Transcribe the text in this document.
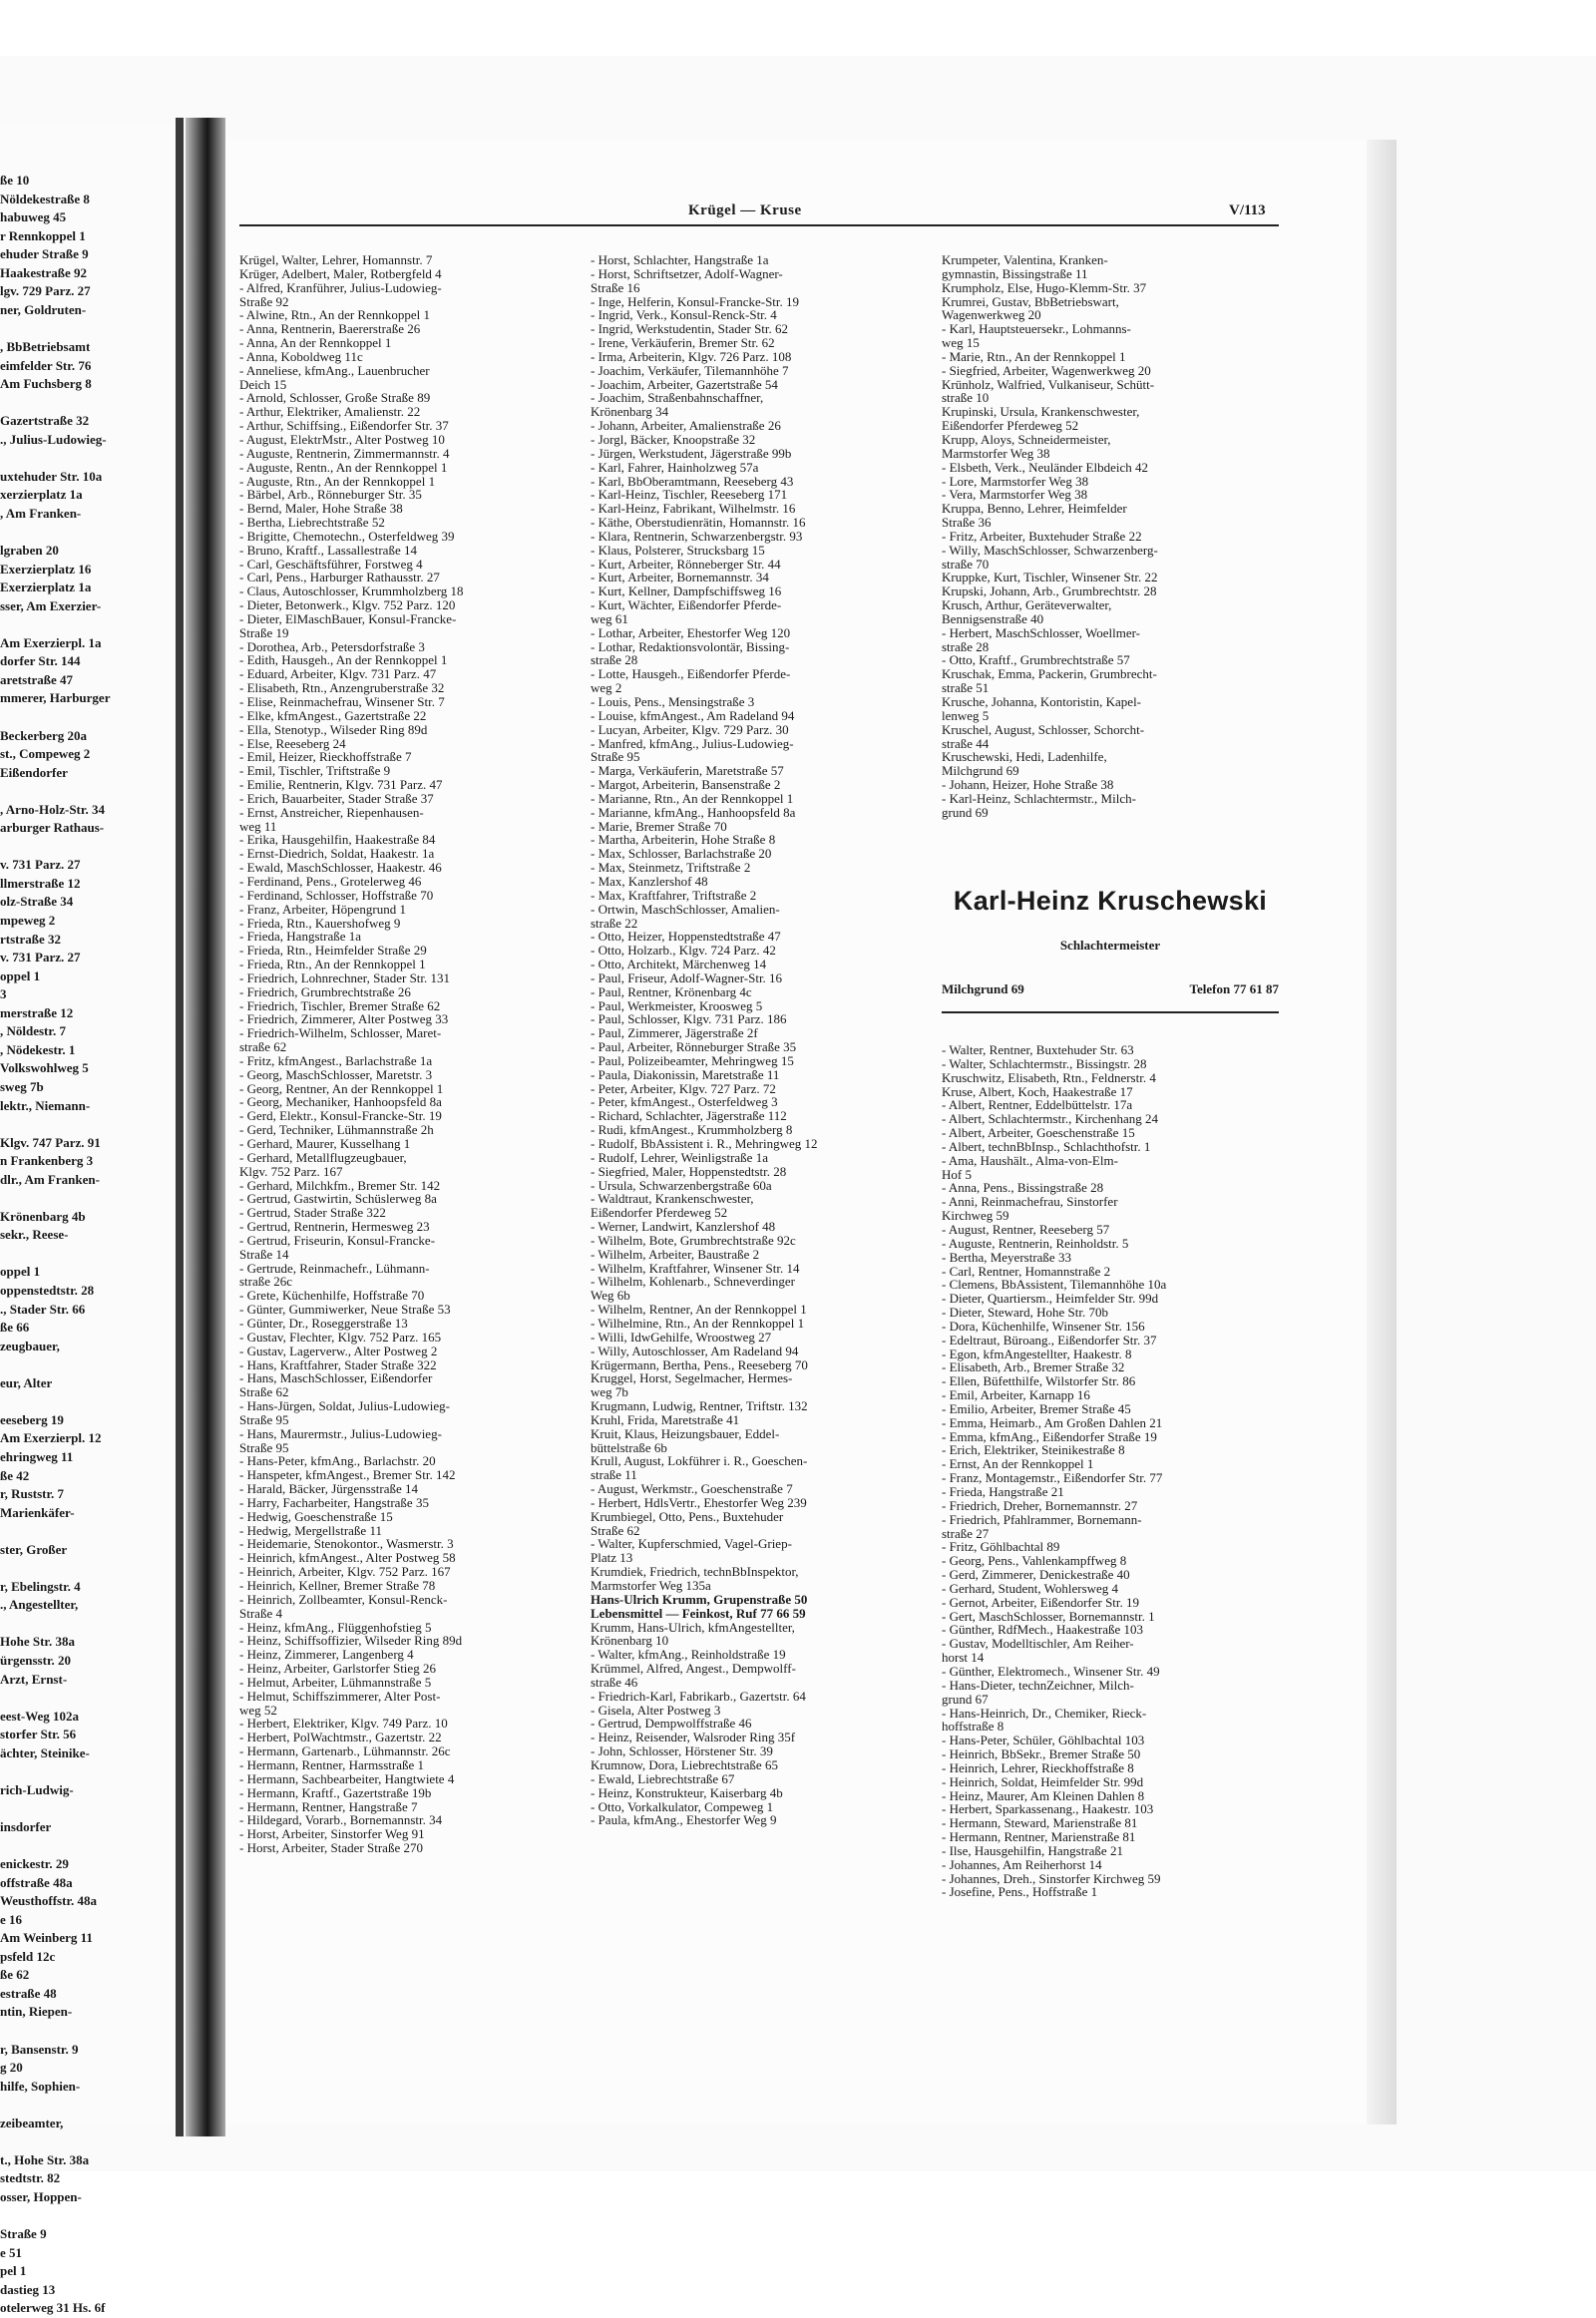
ße 10
Nöldekestraße 8
habuweg 45
r Rennkoppel 1
ehuder Straße 9
Haakestraße 92
lgv. 729 Parz. 27
ner, Goldruten-
, BbBetriebsamt
eimfelder Str. 76
Am Fuchsberg 8
Gazertstraße 32
., Julius-Ludowieg-
uxtehuder Str. 10a
xerzierplatz 1a
, Am Franken-
lgraben 20
Exerzierplatz 16
Exerzierplatz 1a
sser, Am Exerzier-
Am Exerzierpl. 1a
dorfer Str. 144
aretstraße 47
mmerer, Harburger
Beckerberg 20a
st., Compeweg 2
Eißendorfer
, Arno-Holz-Str. 34
arburger Rathaus-
v. 731 Parz. 27
llmerstraße 12
olz-Straße 34
mpeweg 2
rtstraße 32
v. 731 Parz. 27
oppel 1
3
merstraße 12
, Nöldestr. 7
, Nödekestr. 1
Volkswohlweg 5
sweg 7b
lektr., Niemann-
Klgv. 747 Parz. 91
n Frankenberg 3
dlr., Am Franken-
Krönenbarg 4b
sekr., Reese-
oppel 1
oppenstedtstr. 28
., Stader Str. 66
ße 66
zeugbauer,
eur, Alter
eeseberg 19
Am Exerzierpl. 12
ehringweg 11
ße 42
r, Ruststr. 7
Marienkäfer-
ster, Großer
r, Ebelingstr. 4
., Angestellter,
Hohe Str. 38a
ürgensstr. 20
Arzt, Ernst-
eest-Weg 102a
storfer Str. 56
ächter, Steinike-
rich-Ludwig-
insdorfer
enickestr. 29
offstraße 48a
Weusthoffstr. 48a
e 16
Am Weinberg 11
psfeld 12c
ße 62
estraße 48
ntin, Riepen-
r, Bansenstr. 9
g 20
hilfe, Sophien-
zeibeamter,
t., Hohe Str. 38a
stedtstr. 82
osser, Hoppen-
Straße 9
e 51
pel 1
dastieg 13
otelerweg 31 Hs. 6f
Krügel — Kruse	V/113
Krügel, Walter, Lehrer, Homannstr. 7
Krüger, Adelbert, Maler, Rotbergfeld 4
- Alfred, Kranführer, Julius-Ludowieg-
Straße 92
- Alwine, Rtn., An der Rennkoppel 1
- Anna, Rentnerin, Baererstraße 26
- Anna, An der Rennkoppel 1
- Anna, Koboldweg 11c
- Anneliese, kfmAng., Lauenbrucher
Deich 15
- Arnold, Schlosser, Große Straße 89
- Arthur, Elektriker, Amalienstr. 22
- Arthur, Schiffsing., Eißendorfer Str. 37
- August, ElektrMstr., Alter Postweg 10
- Auguste, Rentnerin, Zimmermannstr. 4
- Auguste, Rentn., An der Rennkoppel 1
- Auguste, Rtn., An der Rennkoppel 1
- Bärbel, Arb., Rönneburger Str. 35
- Bernd, Maler, Hohe Straße 38
- Bertha, Liebrechtstraße 52
- Brigitte, Chemotechn., Osterfeldweg 39
- Bruno, Kraftf., Lassallestraße 14
- Carl, Geschäftsführer, Forstweg 4
- Carl, Pens., Harburger Rathausstr. 27
- Claus, Autoschlosser, Krummholzberg 18
- Dieter, Betonwerk., Klgv. 752 Parz. 120
- Dieter, ElMaschBauer, Konsul-Francke-
Straße 19
- Dorothea, Arb., Petersdorfstraße 3
- Edith, Hausgeh., An der Rennkoppel 1
- Eduard, Arbeiter, Klgv. 731 Parz. 47
- Elisabeth, Rtn., Anzengruberstraße 32
- Elise, Reinmachefrau, Winsener Str. 7
- Elke, kfmAngest., Gazertstraße 22
- Ella, Stenotyp., Wilseder Ring 89d
- Else, Reeseberg 24
- Emil, Heizer, Rieckhoffstraße 7
- Emil, Tischler, Triftstraße 9
- Emilie, Rentnerin, Klgv. 731 Parz. 47
- Erich, Bauarbeiter, Stader Straße 37
- Ernst, Anstreicher, Riepenhausen-
weg 11
- Erika, Hausgehilfin, Haakestraße 84
- Ernst-Diedrich, Soldat, Haakestr. 1a
- Ewald, MaschSchlosser, Haakestr. 46
- Ferdinand, Pens., Grotelerweg 46
- Ferdinand, Schlosser, Hoffstraße 70
- Franz, Arbeiter, Höpengrund 1
- Frieda, Rtn., Kauershofweg 9
- Frieda, Hangstraße 1a
- Frieda, Rtn., Heimfelder Straße 29
- Frieda, Rtn., An der Rennkoppel 1
- Friedrich, Lohnrechner, Stader Str. 131
- Friedrich, Grumbrechtstraße 26
- Friedrich, Tischler, Bremer Straße 62
- Friedrich, Zimmerer, Alter Postweg 33
- Friedrich-Wilhelm, Schlosser, Maret-
straße 62
- Fritz, kfmAngest., Barlachstraße 1a
- Georg, MaschSchlosser, Maretstr. 3
- Georg, Rentner, An der Rennkoppel 1
- Georg, Mechaniker, Hanhoopsfeld 8a
- Gerd, Elektr., Konsul-Francke-Str. 19
- Gerd, Techniker, Lühmannstraße 2h
- Gerhard, Maurer, Kusselhang 1
- Gerhard, Metallflugzeugbauer,
Klgv. 752 Parz. 167
- Gerhard, Milchkfm., Bremer Str. 142
- Gertrud, Gastwirtin, Schüslerweg 8a
- Gertrud, Stader Straße 322
- Gertrud, Rentnerin, Hermesweg 23
- Gertrud, Friseurin, Konsul-Francke-
Straße 14
- Gertrude, Reinmachefr., Lühmann-
straße 26c
- Grete, Küchenhilfe, Hoffstraße 70
- Günter, Gummiwerker, Neue Straße 53
- Günter, Dr., Roseggerstraße 13
- Gustav, Flechter, Klgv. 752 Parz. 165
- Gustav, Lagerverw., Alter Postweg 2
- Hans, Kraftfahrer, Stader Straße 322
- Hans, MaschSchlosser, Eißendorfer
Straße 62
- Hans-Jürgen, Soldat, Julius-Ludowieg-
Straße 95
- Hans, Maurermstr., Julius-Ludowieg-
Straße 95
- Hans-Peter, kfmAng., Barlachstr. 20
- Hanspeter, kfmAngest., Bremer Str. 142
- Harald, Bäcker, Jürgensstraße 14
- Harry, Facharbeiter, Hangstraße 35
- Hedwig, Goeschenstraße 15
- Hedwig, Mergellstraße 11
- Heidemarie, Stenokontor., Wasmerstr. 3
- Heinrich, kfmAngest., Alter Postweg 58
- Heinrich, Arbeiter, Klgv. 752 Parz. 167
- Heinrich, Kellner, Bremer Straße 78
- Heinrich, Zollbeamter, Konsul-Renck-
Straße 4
- Heinz, kfmAng., Flüggenhofstieg 5
- Heinz, Schiffsoffizier, Wilseder Ring 89d
- Heinz, Zimmerer, Langenberg 4
- Heinz, Arbeiter, Garlstorfer Stieg 26
- Helmut, Arbeiter, Lühmannstraße 5
- Helmut, Schiffszimmerer, Alter Post-
weg 52
- Herbert, Elektriker, Klgv. 749 Parz. 10
- Herbert, PolWachtmstr., Gazertstr. 22
- Hermann, Gartenarb., Lühmannstr. 26c
- Hermann, Rentner, Harmsstraße 1
- Hermann, Sachbearbeiter, Hangtwiete 4
- Hermann, Kraftf., Gazertstraße 19b
- Hermann, Rentner, Hangstraße 7
- Hildegard, Vorarb., Bornemannstr. 34
- Horst, Arbeiter, Sinstorfer Weg 91
- Horst, Arbeiter, Stader Straße 270
- Horst, Schlachter, Hangstraße 1a
- Horst, Schriftsetzer, Adolf-Wagner-
Straße 16
- Inge, Helferin, Konsul-Francke-Str. 19
- Ingrid, Verk., Konsul-Renck-Str. 4
- Ingrid, Werkstudentin, Stader Str. 62
- Irene, Verkäuferin, Bremer Str. 62
- Irma, Arbeiterin, Klgv. 726 Parz. 108
- Joachim, Verkäufer, Tilemannhöhe 7
- Joachim, Arbeiter, Gazertstraße 54
- Joachim, Straßenbahnschaffner,
Krönenbarg 34
- Johann, Arbeiter, Amalienstraße 26
- Jorgl, Bäcker, Knoopstraße 32
- Jürgen, Werkstudent, Jägerstraße 99b
- Karl, Fahrer, Hainholzweg 57a
- Karl, BbOberamtmann, Reeseberg 43
- Karl-Heinz, Tischler, Reeseberg 171
- Karl-Heinz, Fabrikant, Wilhelmstr. 16
- Käthe, Oberstudienrätin, Homannstr. 16
- Klara, Rentnerin, Schwarzenbergstr. 93
- Klaus, Polsterer, Strucksbarg 15
- Kurt, Arbeiter, Rönneberger Str. 44
- Kurt, Arbeiter, Bornemannstr. 34
- Kurt, Kellner, Dampfschiffsweg 16
- Kurt, Wächter, Eißendorfer Pferde-
weg 61
- Lothar, Arbeiter, Ehestorfer Weg 120
- Lothar, Redaktionsvolontär, Bissing-
straße 28
- Lotte, Hausgeh., Eißendorfer Pferde-
weg 2
- Louis, Pens., Mensingstraße 3
- Louise, kfmAngest., Am Radeland 94
- Lucyan, Arbeiter, Klgv. 729 Parz. 30
- Manfred, kfmAng., Julius-Ludowieg-
Straße 95
- Marga, Verkäuferin, Maretstraße 57
- Margot, Arbeiterin, Bansenstraße 2
- Marianne, Rtn., An der Rennkoppel 1
- Marianne, kfmAng., Hanhoopsfeld 8a
- Marie, Bremer Straße 70
- Martha, Arbeiterin, Hohe Straße 8
- Max, Schlosser, Barlachstraße 20
- Max, Steinmetz, Triftstraße 2
- Max, Kanzlershof 48
- Max, Kraftfahrer, Triftstraße 2
- Ortwin, MaschSchlosser, Amalien-
straße 22
- Otto, Heizer, Hoppenstedtstraße 47
- Otto, Holzarb., Klgv. 724 Parz. 42
- Otto, Architekt, Märchenweg 14
- Paul, Friseur, Adolf-Wagner-Str. 16
- Paul, Rentner, Krönenbarg 4c
- Paul, Werkmeister, Kroosweg 5
- Paul, Schlosser, Klgv. 731 Parz. 186
- Paul, Zimmerer, Jägerstraße 2f
- Paul, Arbeiter, Rönneburger Straße 35
- Paul, Polizeibeamter, Mehringweg 15
- Paula, Diakonissin, Maretstraße 11
- Peter, Arbeiter, Klgv. 727 Parz. 72
- Peter, kfmAngest., Osterfeldweg 3
- Richard, Schlachter, Jägerstraße 112
- Rudi, kfmAngest., Krummholzberg 8
- Rudolf, BbAssistent i. R., Mehringweg 12
- Rudolf, Lehrer, Weinligstraße 1a
- Siegfried, Maler, Hoppenstedtstr. 28
- Ursula, Schwarzenbergstraße 60a
- Waldtraut, Krankenschwester,
Eißendorfer Pferdeweg 52
- Werner, Landwirt, Kanzlershof 48
- Wilhelm, Bote, Grumbrechtstraße 92c
- Wilhelm, Arbeiter, Baustraße 2
- Wilhelm, Kraftfahrer, Winsener Str. 14
- Wilhelm, Kohlenarb., Schneverdinger
Weg 6b
- Wilhelm, Rentner, An der Rennkoppel 1
- Wilhelmine, Rtn., An der Rennkoppel 1
- Willi, IdwGehilfe, Wroostweg 27
- Willy, Autoschlosser, Am Radeland 94
Krügermann, Bertha, Pens., Reeseberg 70
Kruggel, Horst, Segelmacher, Hermes-
weg 7b
Krugmann, Ludwig, Rentner, Triftstr. 132
Kruhl, Frida, Maretstraße 41
Kruit, Klaus, Heizungsbauer, Eddel-
büttelstraße 6b
Krull, August, Lokführer i. R., Goeschen-
straße 11
- August, Werkmstr., Goeschenstraße 7
- Herbert, HdlsVertr., Ehestorfer Weg 239
Krumbiegel, Otto, Pens., Buxtehuder
Straße 62
- Walter, Kupferschmied, Vagel-Griep-
Platz 13
Krumdiek, Friedrich, technBbInspektor,
Marmstorfer Weg 135a
Hans-Ulrich Krumm, Grupenstraße 50
Lebensmittel — Feinkost, Ruf 77 66 59
Krumm, Hans-Ulrich, kfmAngestellter,
Krönenbarg 10
- Walter, kfmAng., Reinholdstraße 19
Krümmel, Alfred, Angest., Dempwolff-
straße 46
- Friedrich-Karl, Fabrikarb., Gazertstr. 64
- Gisela, Alter Postweg 3
- Gertrud, Dempwolffstraße 46
- Heinz, Reisender, Walsroder Ring 35f
- John, Schlosser, Hörstener Str. 39
Krumnow, Dora, Liebrechtstraße 65
- Ewald, Liebrechtstraße 67
- Heinz, Konstrukteur, Kaiserbarg 4b
- Otto, Vorkalkulator, Compeweg 1
- Paula, kfmAng., Ehestorfer Weg 9
Krumpeter, Valentina, Kranken-
gymnastin, Bissingstraße 11
Krumpholz, Else, Hugo-Klemm-Str. 37
Krumrei, Gustav, BbBetriebswart,
Wagenwerkweg 20
- Karl, Hauptsteuersekr., Lohmanns-
weg 15
- Marie, Rtn., An der Rennkoppel 1
- Siegfried, Arbeiter, Wagenwerkweg 20
Krünholz, Walfried, Vulkaniseur, Schütt-
straße 10
Krupinski, Ursula, Krankenschwester,
Eißendorfer Pferdeweg 52
Krupp, Aloys, Schneidermeister,
Marmstorfer Weg 38
- Elsbeth, Verk., Neuländer Elbdeich 42
- Lore, Marmstorfer Weg 38
- Vera, Marmstorfer Weg 38
Kruppa, Benno, Lehrer, Heimfelder
Straße 36
- Fritz, Arbeiter, Buxtehuder Straße 22
- Willy, MaschSchlosser, Schwarzenberg-
straße 70
Kruppke, Kurt, Tischler, Winsener Str. 22
Krupski, Johann, Arb., Grumbrechtstr. 28
Krusch, Arthur, Geräteverwalter,
Bennigsenstraße 40
- Herbert, MaschSchlosser, Woellmer-
straße 28
- Otto, Kraftf., Grumbrechtstraße 57
Kruschak, Emma, Packerin, Grumbrecht-
straße 51
Krusche, Johanna, Kontoristin, Kapel-
lenweg 5
Kruschel, August, Schlosser, Schorcht-
straße 44
Kruschewski, Hedi, Ladenhilfe,
Milchgrund 69
- Johann, Heizer, Hohe Straße 38
- Karl-Heinz, Schlachtermstr., Milch-
grund 69
Karl-Heinz Kruschewski
Schlachtermeister
Milchgrund 69	Telefon 77 61 87
- Walter, Rentner, Buxtehuder Str. 63
- Walter, Schlachtermstr., Bissingstr. 28
Kruschwitz, Elisabeth, Rtn., Feldnerstr. 4
Kruse, Albert, Koch, Haakestraße 17
- Albert, Rentner, Eddelbüttelstr. 17a
- Albert, Schlachtermstr., Kirchenhang 24
- Albert, Arbeiter, Goeschenstraße 15
- Albert, technBbInsp., Schlachthofstr. 1
- Ama, Haushält., Alma-von-Elm-
Hof 5
- Anna, Pens., Bissingstraße 28
- Anni, Reinmachefrau, Sinstorfer
Kirchweg 59
- August, Rentner, Reeseberg 57
- Auguste, Rentnerin, Reinholdstr. 5
- Bertha, Meyerstraße 33
- Carl, Rentner, Homannstraße 2
- Clemens, BbAssistent, Tilemannhöhe 10a
- Dieter, Quartiersm., Heimfelder Str. 99d
- Dieter, Steward, Hohe Str. 70b
- Dora, Küchenhilfe, Winsener Str. 156
- Edeltraut, Büroang., Eißendorfer Str. 37
- Egon, kfmAngestellter, Haakestr. 8
- Elisabeth, Arb., Bremer Straße 32
- Ellen, Büfetthilfe, Wilstorfer Str. 86
- Emil, Arbeiter, Karnapp 16
- Emilio, Arbeiter, Bremer Straße 45
- Emma, Heimarb., Am Großen Dahlen 21
- Emma, kfmAng., Eißendorfer Straße 19
- Erich, Elektriker, Steinikestraße 8
- Ernst, An der Rennkoppel 1
- Franz, Montagemstr., Eißendorfer Str. 77
- Frieda, Hangstraße 21
- Friedrich, Dreher, Bornemannstr. 27
- Friedrich, Pfahlrammer, Bornemann-
straße 27
- Fritz, Göhlbachtal 89
- Georg, Pens., Vahlenkampffweg 8
- Gerd, Zimmerer, Denickestraße 40
- Gerhard, Student, Wohlersweg 4
- Gernot, Arbeiter, Eißendorfer Str. 19
- Gert, MaschSchlosser, Bornemannstr. 1
- Günther, RdfMech., Haakestraße 103
- Gustav, Modelltischler, Am Reiher-
horst 14
- Günther, Elektromech., Winsener Str. 49
- Hans-Dieter, technZeichner, Milch-
grund 67
- Hans-Heinrich, Dr., Chemiker, Rieck-
hoffstraße 8
- Hans-Peter, Schüler, Göhlbachtal 103
- Heinrich, BbSekr., Bremer Straße 50
- Heinrich, Lehrer, Rieckhoffstraße 8
- Heinrich, Soldat, Heimfelder Str. 99d
- Heinz, Maurer, Am Kleinen Dahlen 8
- Herbert, Sparkassenang., Haakestr. 103
- Hermann, Steward, Marienstraße 81
- Hermann, Rentner, Marienstraße 81
- Ilse, Hausgehilfin, Hangstraße 21
- Johannes, Am Reiherhorst 14
- Johannes, Dreh., Sinstorfer Kirchweg 59
- Josefine, Pens., Hoffstraße 1
